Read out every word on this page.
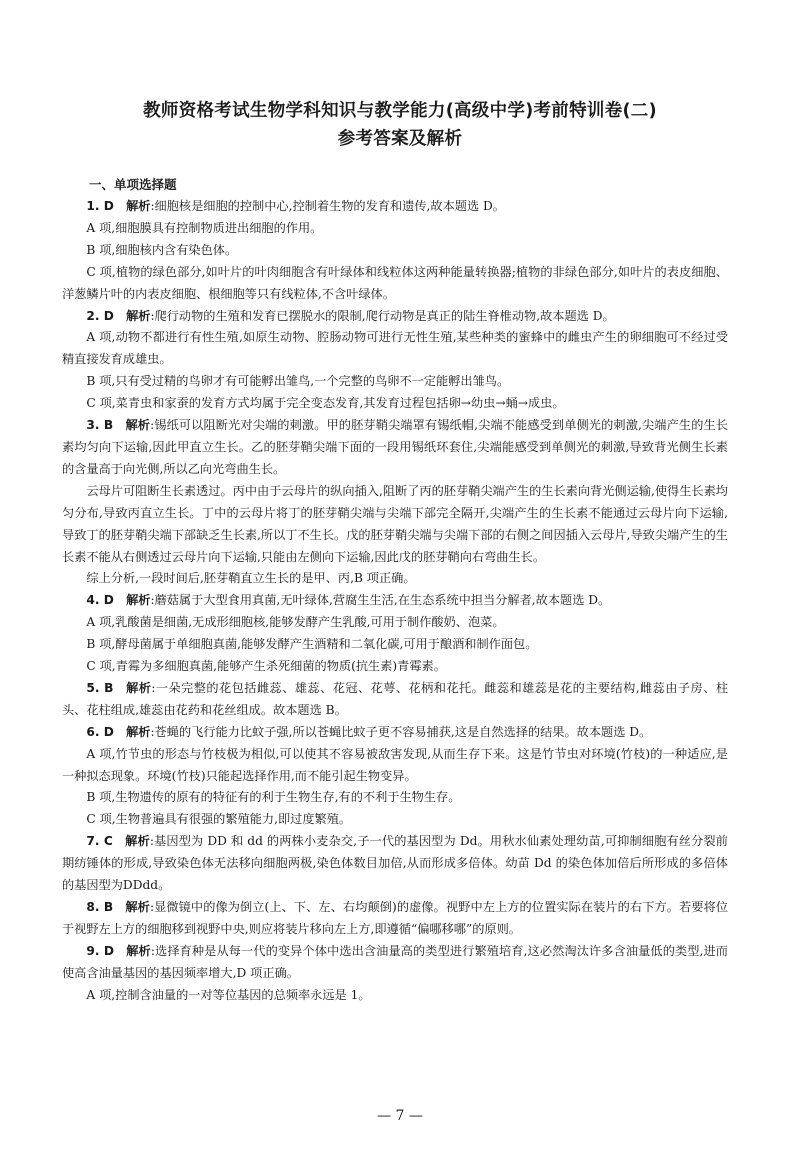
教师资格考试生物学科知识与教学能力(高级中学)考前特训卷(二)
参考答案及解析
一、单项选择题

1. D  解析:细胞核是细胞的控制中心,控制着生物的发育和遗传,故本题选 D。

A 项,细胞膜具有控制物质进出细胞的作用。

B 项,细胞核内含有染色体。

C 项,植物的绿色部分,如叶片的叶肉细胞含有叶绿体和线粒体这两种能量转换器;植物的非绿色部分,如叶片的表皮细胞、洋葱鳞片叶的内表皮细胞、根细胞等只有线粒体,不含叶绿体。

2. D  解析:爬行动物的生殖和发育已摆脱水的限制,爬行动物是真正的陆生脊椎动物,故本题选 D。

A 项,动物不都进行有性生殖,如原生动物、腔肠动物可进行无性生殖,某些种类的蜜蜂中的雌虫产生的卵细胞可不经过受精直接发育成雄虫。

B 项,只有受过精的鸟卵才有可能孵出雏鸟,一个完整的鸟卵不一定能孵出雏鸟。

C 项,菜青虫和家蚕的发育方式均属于完全变态发育,其发育过程包括卵→幼虫→蛹→成虫。

3. B  解析:锡纸可以阻断光对尖端的刺激。甲的胚芽鞘尖端罩有锡纸帽,尖端不能感受到单侧光的刺激,尖端产生的生长素均匀向下运输,因此甲直立生长。乙的胚芽鞘尖端下面的一段用锡纸环套住,尖端能感受到单侧光的刺激,导致背光侧生长素的含量高于向光侧,所以乙向光弯曲生长。

云母片可阻断生长素透过。丙中由于云母片的纵向插入,阻断了丙的胚芽鞘尖端产生的生长素向背光侧运输,使得生长素均匀分布,导致丙直立生长。丁中的云母片将丁的胚芽鞘尖端与尖端下部完全隔开,尖端产生的生长素不能通过云母片向下运输,导致丁的胚芽鞘尖端下部缺乏生长素,所以丁不生长。戊的胚芽鞘尖端与尖端下部的右侧之间因插入云母片,导致尖端产生的生长素不能从右侧透过云母片向下运输,只能由左侧向下运输,因此戊的胚芽鞘向右弯曲生长。

综上分析,一段时间后,胚芽鞘直立生长的是甲、丙,B 项正确。

4. D  解析:蘑菇属于大型食用真菌,无叶绿体,营腐生生活,在生态系统中担当分解者,故本题选 D。

A 项,乳酸菌是细菌,无成形细胞核,能够发酵产生乳酸,可用于制作酸奶、泡菜。

B 项,酵母菌属于单细胞真菌,能够发酵产生酒精和二氧化碳,可用于酿酒和制作面包。

C 项,青霉为多细胞真菌,能够产生杀死细菌的物质(抗生素)青霉素。

5. B  解析:一朵完整的花包括雌蕊、雄蕊、花冠、花萼、花柄和花托。雌蕊和雄蕊是花的主要结构,雌蕊由子房、柱头、花柱组成,雄蕊由花药和花丝组成。故本题选 B。

6. D  解析:苍蝇的飞行能力比蚊子强,所以苍蝇比蚊子更不容易捕获,这是自然选择的结果。故本题选 D。

A 项,竹节虫的形态与竹枝极为相似,可以使其不容易被敌害发现,从而生存下来。这是竹节虫对环境(竹枝)的一种适应,是一种拟态现象。环境(竹枝)只能起选择作用,而不能引起生物变异。

B 项,生物遗传的原有的特征有的利于生物生存,有的不利于生物生存。

C 项,生物普遍具有很强的繁殖能力,即过度繁殖。

7. C  解析:基因型为 DD 和 dd 的两株小麦杂交,子一代的基因型为 Dd。用秋水仙素处理幼苗,可抑制细胞有丝分裂前期纺锤体的形成,导致染色体无法移向细胞两极,染色体数目加倍,从而形成多倍体。幼苗 Dd 的染色体加倍后所形成的多倍体的基因型为DDdd。

8. B  解析:显微镜中的像为倒立(上、下、左、右均颠倒)的虚像。视野中左上方的位置实际在装片的右下方。若要将位于视野左上方的细胞移到视野中央,则应将装片移向左上方,即遵循“偏哪移哪”的原则。

9. D  解析:选择育种是从每一代的变异个体中选出含油量高的类型进行繁殖培育,这必然淘汰许多含油量低的类型,进而使高含油量基因的基因频率增大,D 项正确。

A 项,控制含油量的一对等位基因的总频率永远是 1。

— 7 —
